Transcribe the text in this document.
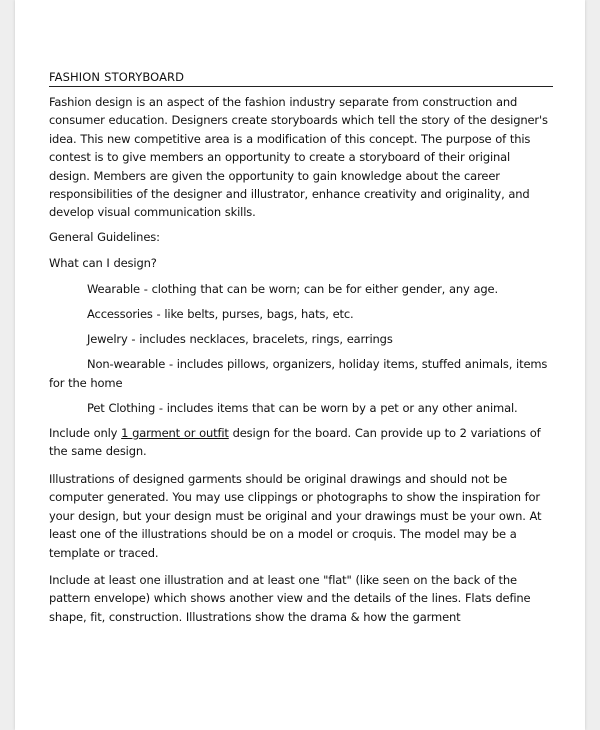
FASHION STORYBOARD

Fashion design is an aspect of the fashion industry separate from construction and consumer education. Designers create storyboards which tell the story of the designer's idea. This new competitive area is a modification of this concept. The purpose of this contest is to give members an opportunity to create a storyboard of their original design. Members are given the opportunity to gain knowledge about the career responsibilities of the designer and illustrator, enhance creativity and originality, and develop visual communication skills.

General Guidelines:

What can I design?

Wearable - clothing that can be worn; can be for either gender, any age.

Accessories - like belts, purses, bags, hats, etc.

Jewelry - includes necklaces, bracelets, rings, earrings

Non-wearable - includes pillows, organizers, holiday items, stuffed animals, items for the home

Pet Clothing - includes items that can be worn by a pet or any other animal.

Include only 1 garment or outfit design for the board. Can provide up to 2 variations of the same design.

Illustrations of designed garments should be original drawings and should not be computer generated. You may use clippings or photographs to show the inspiration for your design, but your design must be original and your drawings must be your own. At least one of the illustrations should be on a model or croquis. The model may be a template or traced.

Include at least one illustration and at least one "flat" (like seen on the back of the pattern envelope) which shows another view and the details of the lines. Flats define shape, fit, construction. Illustrations show the drama & how the garment
